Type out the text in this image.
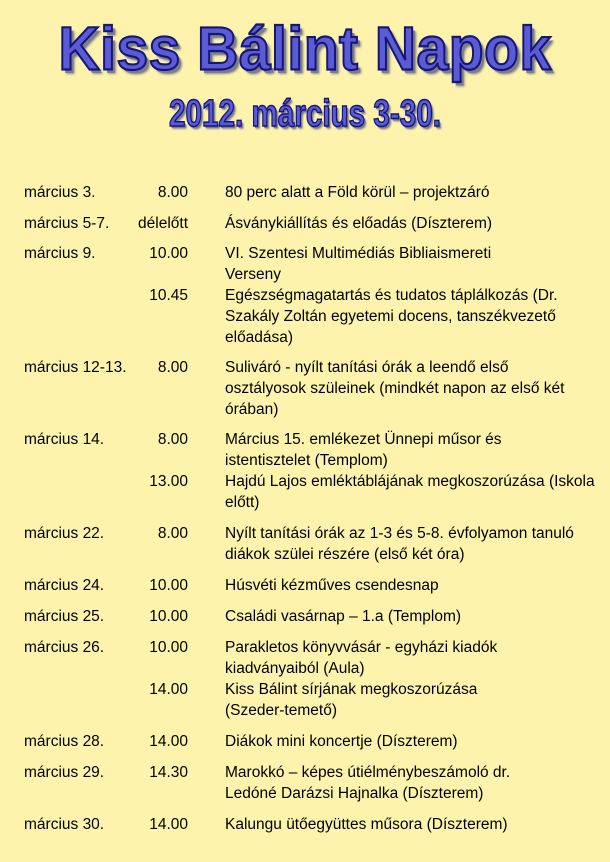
Kiss Bálint Napok
2012. március 3-30.
március 3.	8.00 80 perc alatt a Föld körül – projektzáró
március 5-7.	délelőtt Ásványkiállítás és előadás (Díszterem)
március 9.	10.00 VI. Szentesi Multimédiás Bibliaismereti Verseny
10.45 Egészségmagatartás és tudatos táplálkozás (Dr. Szakály Zoltán egyetemi docens, tanszékvezető előadása)
március 12-13.	8.00 Suliváró - nyílt tanítási órák a leendő első osztályosok szüleinek (mindkét napon az első két órában)
március 14.	8.00 Március 15. emlékezet Ünnepi műsor és istentisztelet (Templom)
13.00 Hajdú Lajos emléktáblájának megkoszorúzása (Iskola előtt)
március 22.	8.00 Nyílt tanítási órák az 1-3 és 5-8. évfolyamon tanuló diákok szülei részére (első két óra)
március 24.	10.00 Húsvéti kézműves csendesnap
március 25.	10.00 Családi vasárnap – 1.a (Templom)
március 26.	10.00 Parakletos könyvvásár - egyházi kiadók kiadványaiból (Aula)
14.00 Kiss Bálint sírjának megkoszorúzása (Szeder-temető)
március 28.	14.00 Diákok mini koncertje (Díszterem)
március 29.	14.30 Marokkó – képes útiélménybeszámoló dr. Ledóné Darázsi Hajnalka (Díszterem)
március 30.	14.00 Kalungu ütőegyüttes műsora (Díszterem)
